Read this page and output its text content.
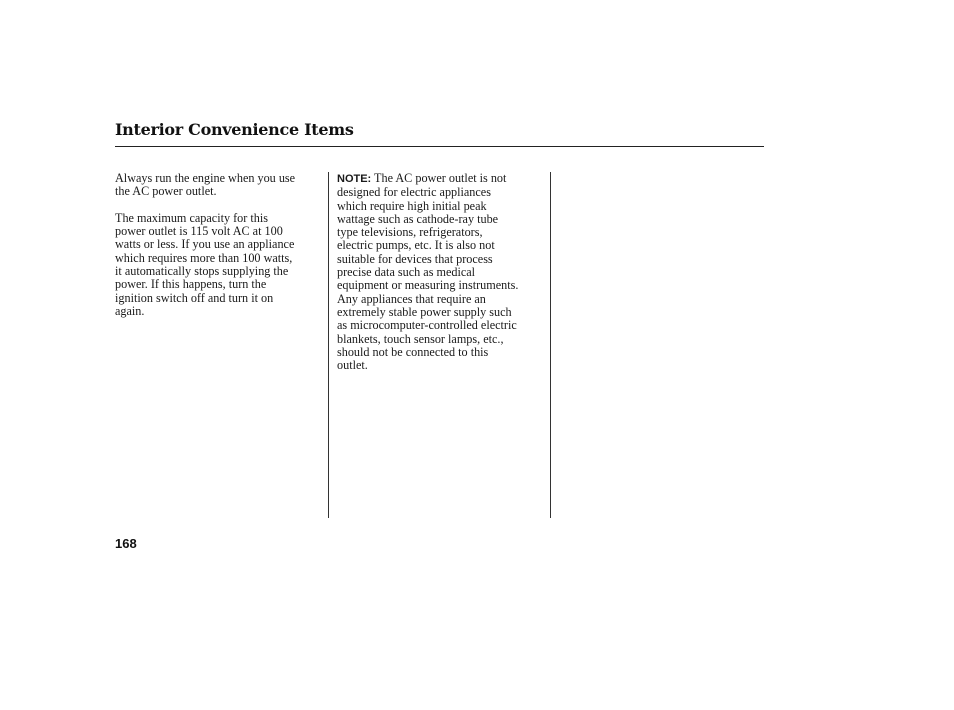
Interior Convenience Items

Always run the engine when you use
the AC power outlet.

The maximum capacity for this
power outlet is 115 volt AC at 100
watts or less. If you use an appliance
which requires more than 100 watts,
it automatically stops supplying the
power. If this happens, turn the
ignition switch off and turn it on
again.

NOTE: The AC power outlet is not
designed for electric appliances
which require high initial peak
wattage such as cathode-ray tube
type televisions, refrigerators,
electric pumps, etc. It is also not
suitable for devices that process
precise data such as medical
equipment or measuring instruments.
Any appliances that require an
extremely stable power supply such
as microcomputer-controlled electric
blankets, touch sensor lamps, etc.,
should not be connected to this
outlet.

168
